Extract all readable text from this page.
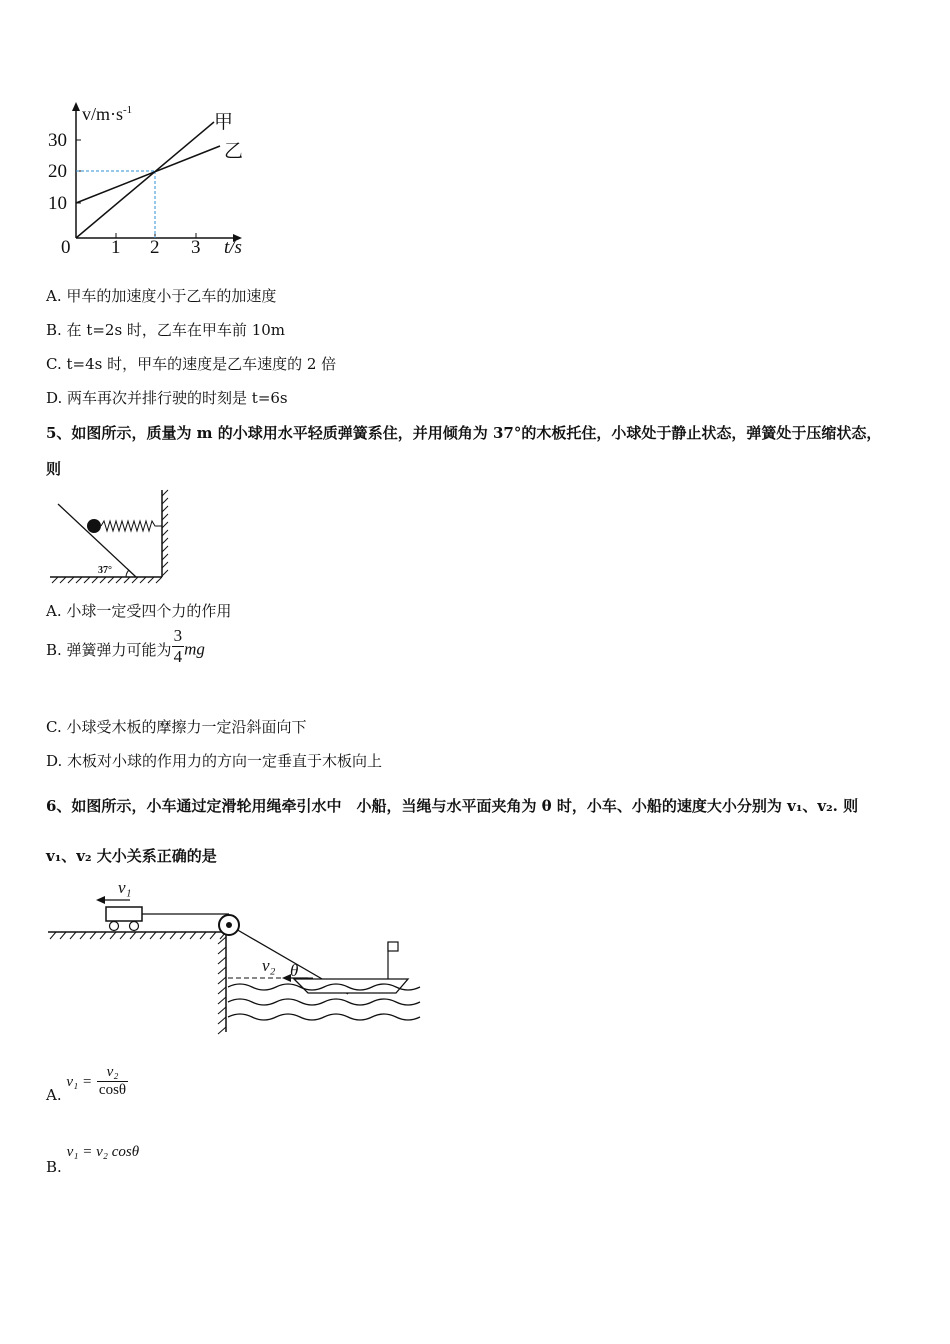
30
20
10
0 1 2 3
$v/m\cdot s^{-1}$
t/s
甲
乙
A. 甲车的加速度小于乙车的加速度
B. 在 t=2s 时，乙车在甲车前 10m
C. t=4s 时，甲车的速度是乙车速度的 2 倍
D. 两车再次并排行驶的时刻是 t=6s
5、如图所示，质量为 m 的小球用水平轻质弹簧系住，并用倾角为 37°的木板托住，小球处于静止状态，弹簧处于压缩状态，
则
37°
A. 小球一定受四个力的作用
B. 弹簧弹力可能为 $\frac{3}{4}$ mg
C. 小球受木板的摩擦力一定沿斜面向下
D. 木板对小球的作用力的方向一定垂直于木板向上
6、如图所示，小车通过定滑轮用绳牵引水中　小船，当绳与水平面夹角为 θ 时，小车、小船的速度大小分别为 v₁、v₂. 则
v₁、v₂ 大小关系正确的是
v₁
v₂ θ
A. $v_1 = \frac{\text{v₂}}{\cos\theta}$
B. v₁ = v₂ cosθ
